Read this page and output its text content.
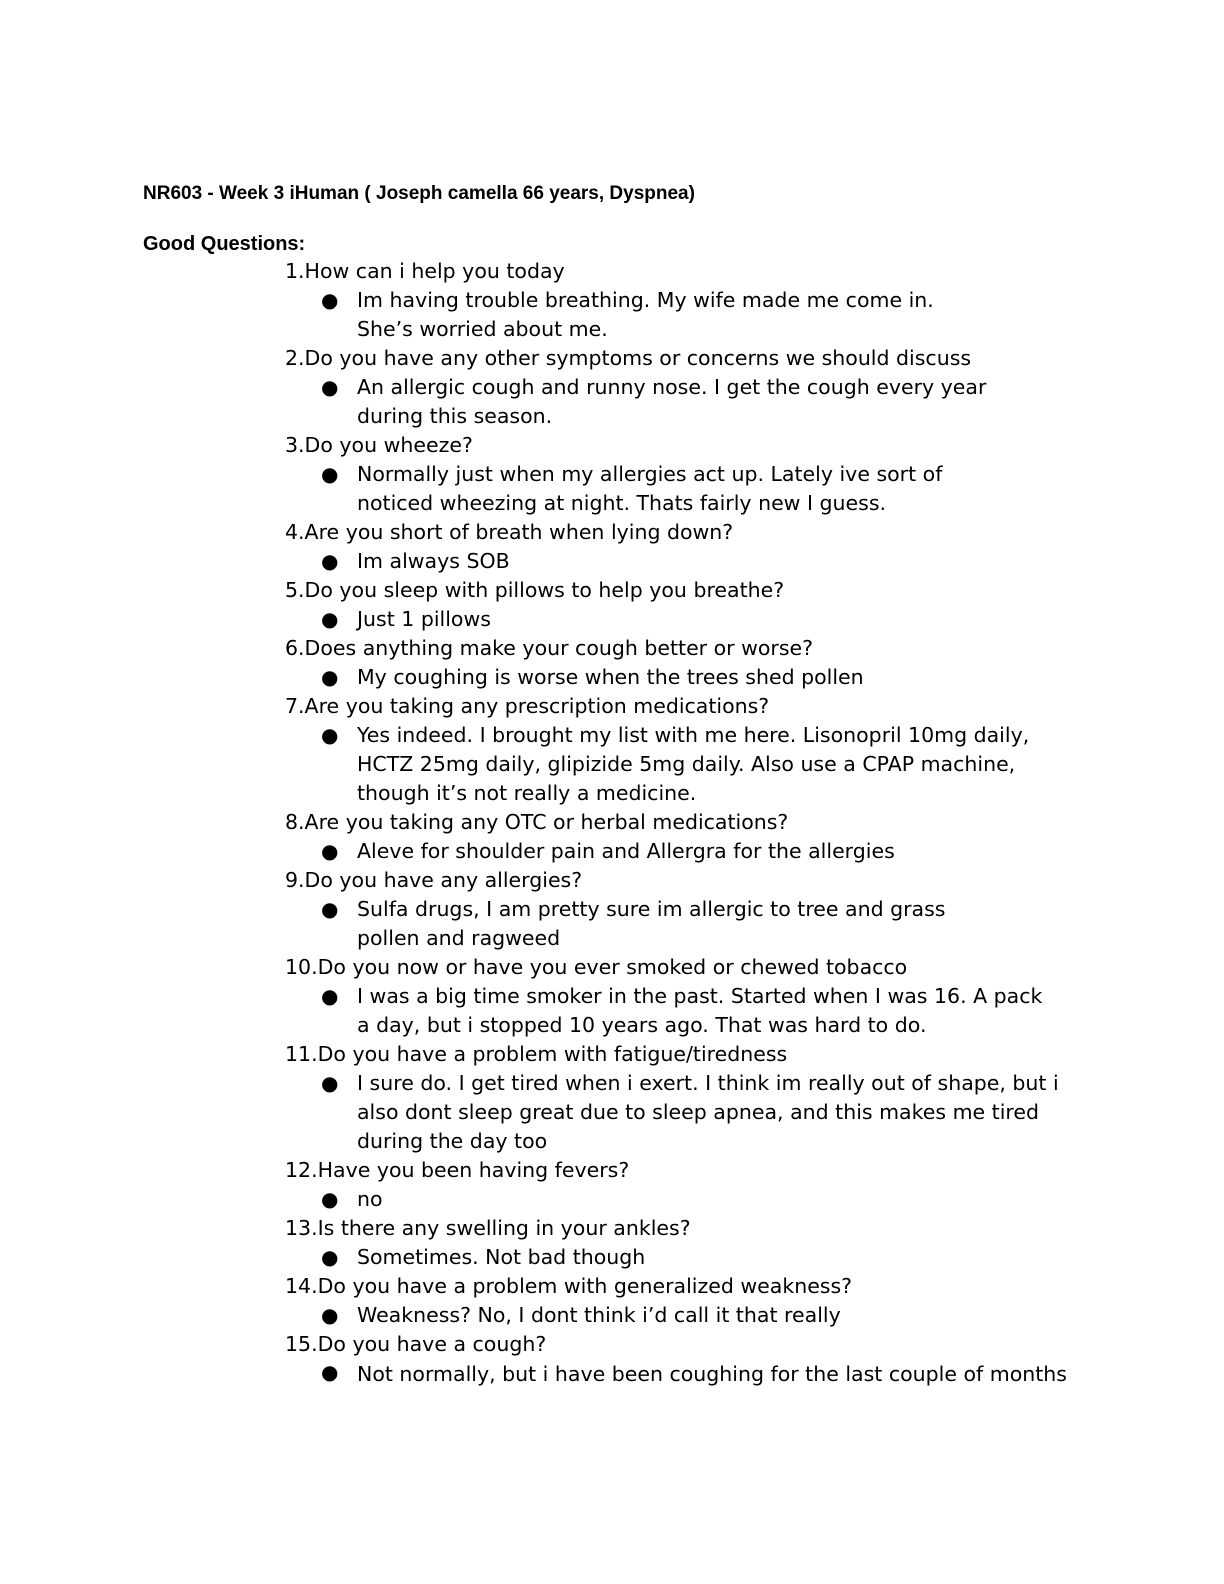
NR603 - Week 3 iHuman ( Joseph camella 66 years, Dyspnea)
Good Questions:
1.How can i help you today
● Im having trouble breathing. My wife made me come in. She’s worried about me.
2.Do you have any other symptoms or concerns we should discuss
● An allergic cough and runny nose. I get the cough every year during this season.
3.Do you wheeze?
● Normally just when my allergies act up. Lately ive sort of noticed wheezing at night. Thats fairly new I guess.
4.Are you short of breath when lying down?
● Im always SOB
5.Do you sleep with pillows to help you breathe?
● Just 1 pillows
6.Does anything make your cough better or worse?
● My coughing is worse when the trees shed pollen
7.Are you taking any prescription medications?
● Yes indeed. I brought my list with me here. Lisonopril 10mg daily, HCTZ 25mg daily, glipizide 5mg daily. Also use a CPAP machine, though it’s not really a medicine.
8.Are you taking any OTC or herbal medications?
● Aleve for shoulder pain and Allergra for the allergies
9.Do you have any allergies?
● Sulfa drugs, I am pretty sure im allergic to tree and grass pollen and ragweed
10.Do you now or have you ever smoked or chewed tobacco
● I was a big time smoker in the past. Started when I was 16. A pack a day, but i stopped 10 years ago. That was hard to do.
11.Do you have a problem with fatigue/tiredness
● I sure do. I get tired when i exert. I think im really out of shape, but i also dont sleep great due to sleep apnea, and this makes me tired during the day too
12.Have you been having fevers?
● no
13.Is there any swelling in your ankles?
● Sometimes. Not bad though
14.Do you have a problem with generalized weakness?
● Weakness? No, I dont think i’d call it that really
15.Do you have a cough?
● Not normally, but i have been coughing for the last couple of months
